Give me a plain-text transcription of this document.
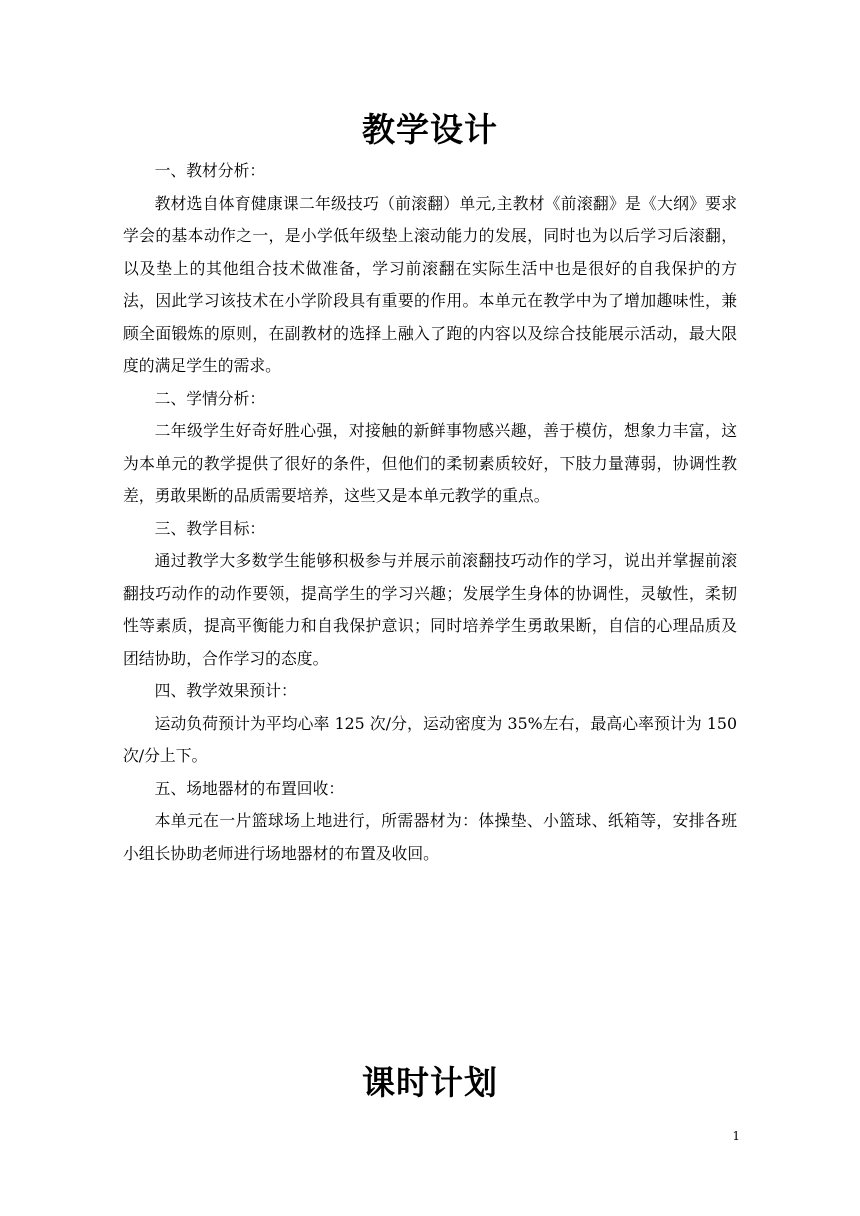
教学设计

一、教材分析：

教材选自体育健康课二年级技巧（前滚翻）单元,主教材《前滚翻》是《大纲》要求学会的基本动作之一，是小学低年级垫上滚动能力的发展，同时也为以后学习后滚翻，以及垫上的其他组合技术做准备，学习前滚翻在实际生活中也是很好的自我保护的方法，因此学习该技术在小学阶段具有重要的作用。本单元在教学中为了增加趣味性，兼顾全面锻炼的原则，在副教材的选择上融入了跑的内容以及综合技能展示活动，最大限度的满足学生的需求。

二、学情分析：

二年级学生好奇好胜心强，对接触的新鲜事物感兴趣，善于模仿，想象力丰富，这为本单元的教学提供了很好的条件，但他们的柔韧素质较好，下肢力量薄弱，协调性教差，勇敢果断的品质需要培养，这些又是本单元教学的重点。

三、教学目标：

通过教学大多数学生能够积极参与并展示前滚翻技巧动作的学习，说出并掌握前滚翻技巧动作的动作要领，提高学生的学习兴趣；发展学生身体的协调性，灵敏性，柔韧性等素质，提高平衡能力和自我保护意识；同时培养学生勇敢果断，自信的心理品质及团结协助，合作学习的态度。

四、教学效果预计：

运动负荷预计为平均心率 125 次/分，运动密度为 35%左右，最高心率预计为 150 次/分上下。

五、场地器材的布置回收：

本单元在一片篮球场上地进行，所需器材为：体操垫、小篮球、纸箱等，安排各班小组长协助老师进行场地器材的布置及收回。

课时计划
1
